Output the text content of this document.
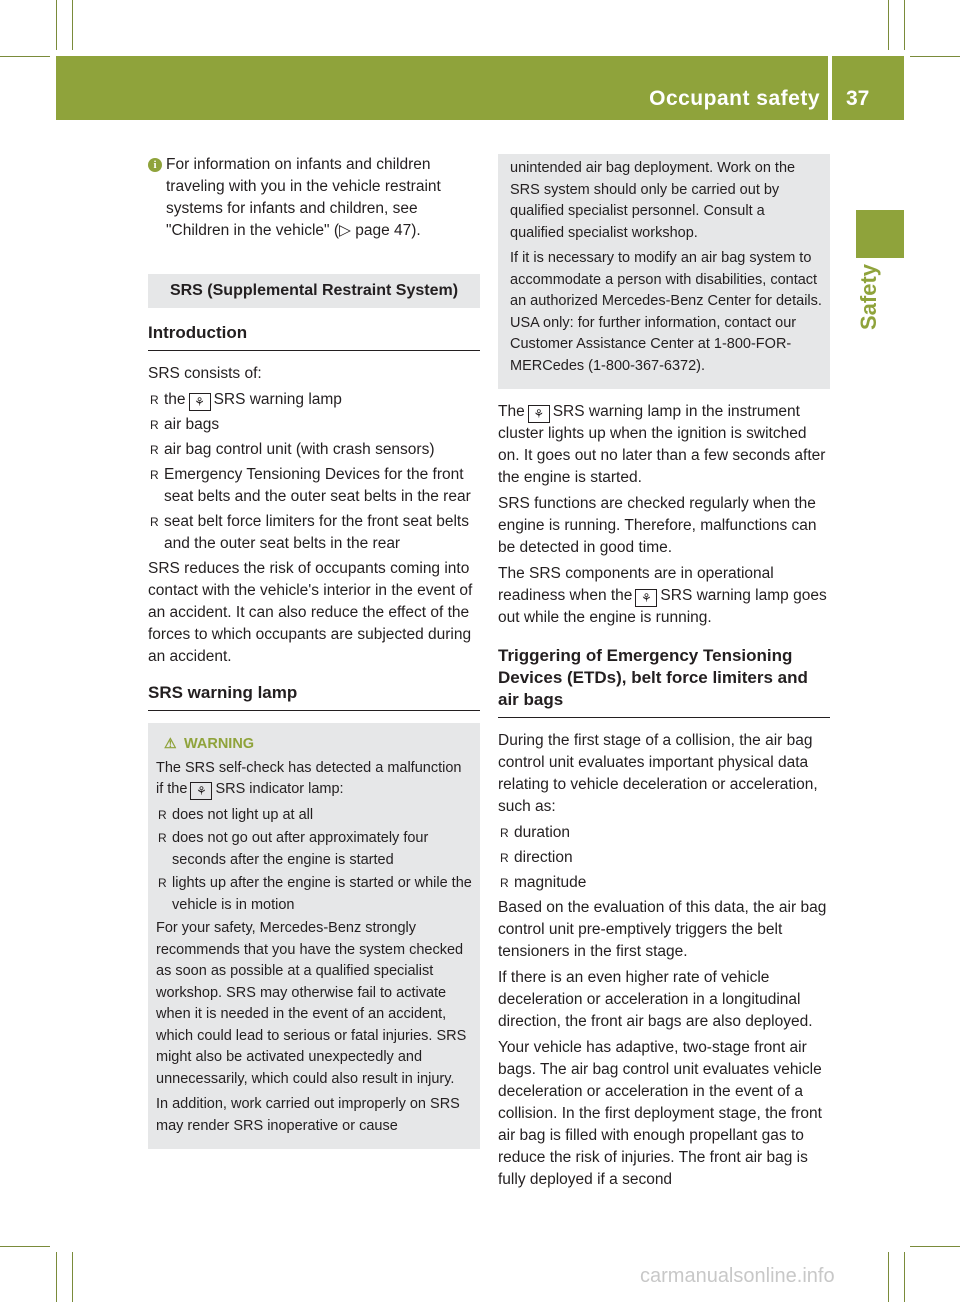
Occupant safety 37
Safety

i For information on infants and children traveling with you in the vehicle restraint systems for infants and children, see "Children in the vehicle" (▷ page 47).

SRS (Supplemental Restraint System)
Introduction

SRS consists of:

R the ⚘ SRS warning lamp
R air bags
R air bag control unit (with crash sensors)
R Emergency Tensioning Devices for the front seat belts and the outer seat belts in the rear
R seat belt force limiters for the front seat belts and the outer seat belts in the rear

SRS reduces the risk of occupants coming into contact with the vehicle's interior in the event of an accident. It can also reduce the effect of the forces to which occupants are subjected during an accident.

SRS warning lamp
⚠ WARNING

The SRS self-check has detected a malfunction if the ⚘ SRS indicator lamp:

R does not light up at all
R does not go out after approximately four seconds after the engine is started
R lights up after the engine is started or while the vehicle is in motion

For your safety, Mercedes-Benz strongly recommends that you have the system checked as soon as possible at a qualified specialist workshop. SRS may otherwise fail to activate when it is needed in the event of an accident, which could lead to serious or fatal injuries. SRS might also be activated unexpectedly and unnecessarily, which could also result in injury.

In addition, work carried out improperly on SRS may render SRS inoperative or cause

unintended air bag deployment. Work on the SRS system should only be carried out by qualified specialist personnel. Consult a qualified specialist workshop.

If it is necessary to modify an air bag system to accommodate a person with disabilities, contact an authorized Mercedes-Benz Center for details. USA only: for further information, contact our Customer Assistance Center at 1-800-FOR-MERCedes (1-800-367-6372).

The ⚘ SRS warning lamp in the instrument cluster lights up when the ignition is switched on. It goes out no later than a few seconds after the engine is started.

SRS functions are checked regularly when the engine is running. Therefore, malfunctions can be detected in good time.

The SRS components are in operational readiness when the ⚘ SRS warning lamp goes out while the engine is running.

Triggering of Emergency Tensioning Devices (ETDs), belt force limiters and air bags

During the first stage of a collision, the air bag control unit evaluates important physical data relating to vehicle deceleration or acceleration, such as:

R duration
R direction
R magnitude

Based on the evaluation of this data, the air bag control unit pre-emptively triggers the belt tensioners in the first stage.

If there is an even higher rate of vehicle deceleration or acceleration in a longitudinal direction, the front air bags are also deployed.

Your vehicle has adaptive, two-stage front air bags. The air bag control unit evaluates vehicle deceleration or acceleration in the event of a collision. In the first deployment stage, the front air bag is filled with enough propellant gas to reduce the risk of injuries. The front air bag is fully deployed if a second

carmanualsonline.info
